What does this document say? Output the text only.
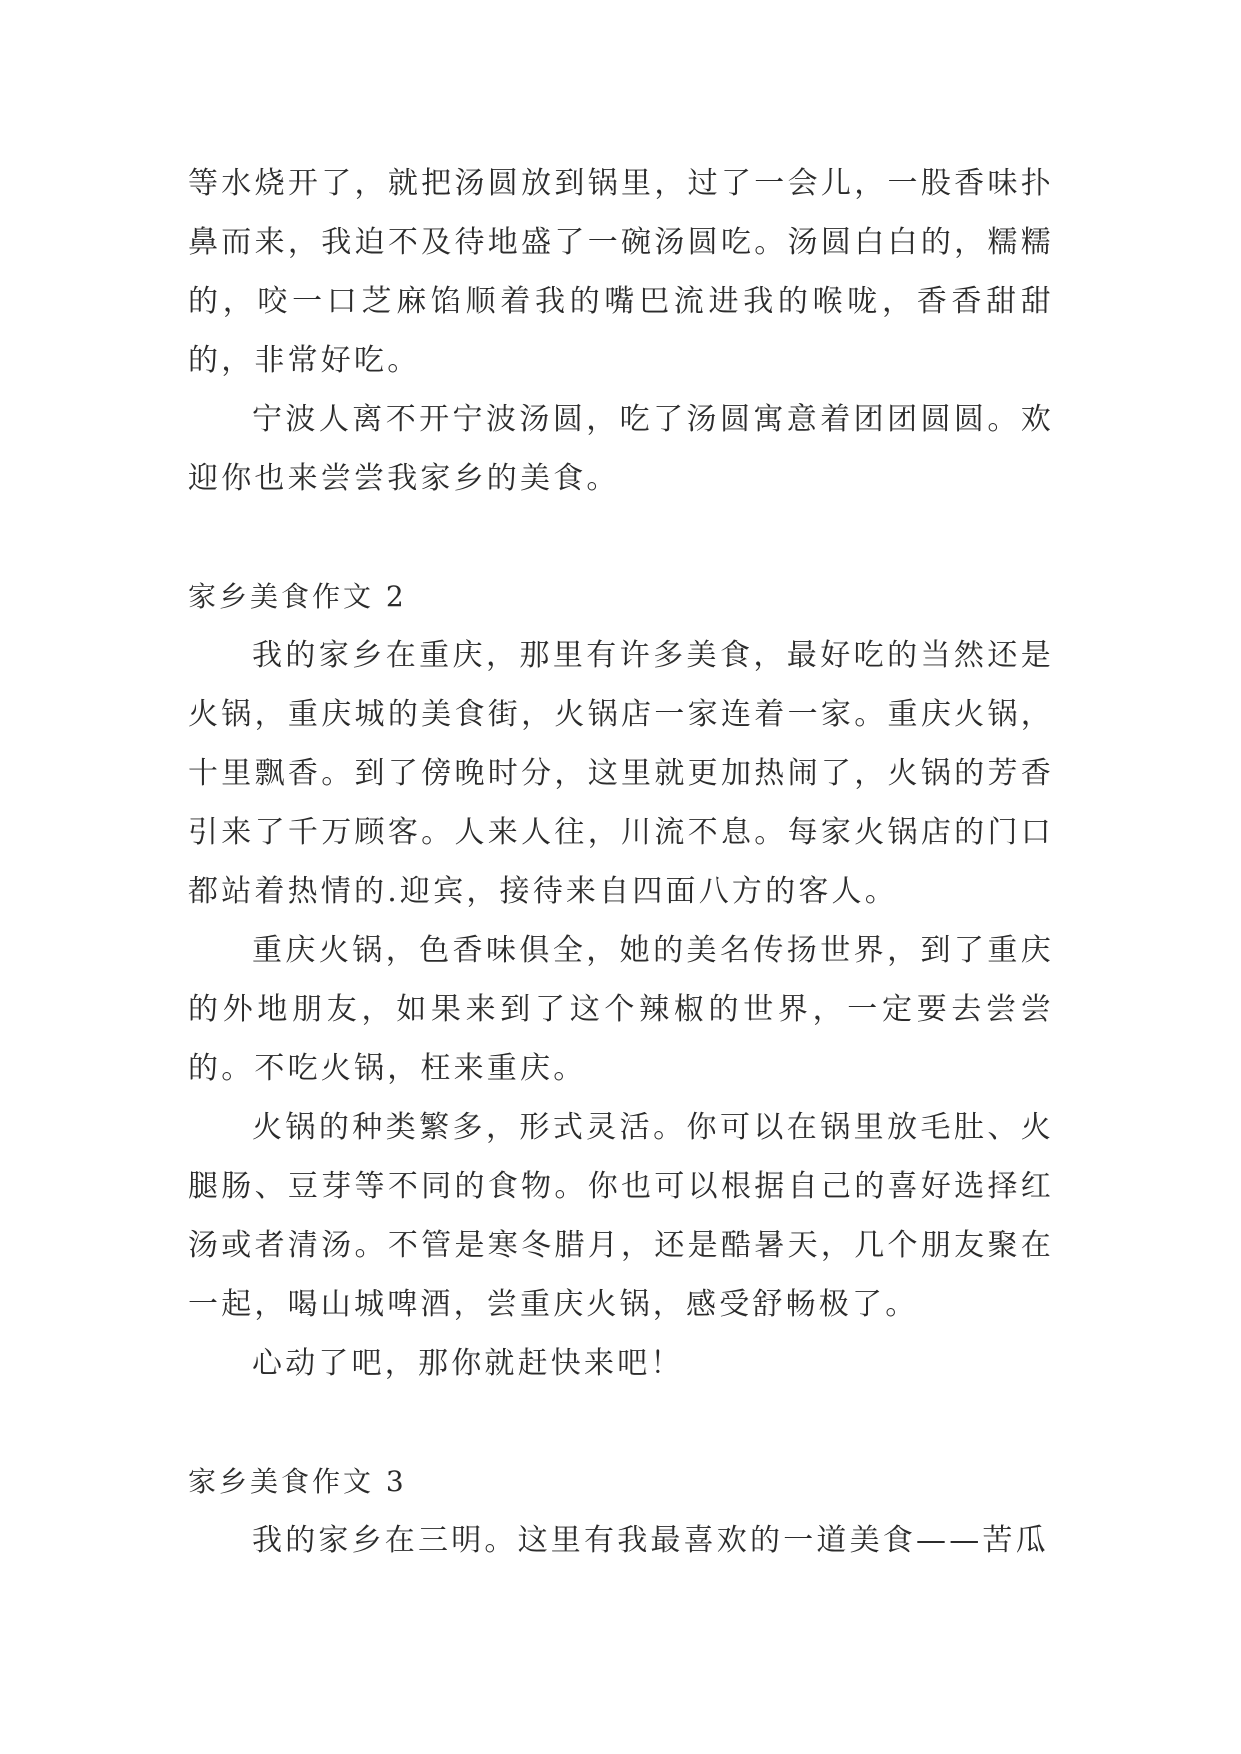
等水烧开了，就把汤圆放到锅里，过了一会儿，一股香味扑鼻而来，我迫不及待地盛了一碗汤圆吃。汤圆白白的，糯糯的，咬一口芝麻馅顺着我的嘴巴流进我的喉咙，香香甜甜的，非常好吃。

宁波人离不开宁波汤圆，吃了汤圆寓意着团团圆圆。欢迎你也来尝尝我家乡的美食。

家乡美食作文 2

我的家乡在重庆，那里有许多美食，最好吃的当然还是火锅，重庆城的美食街，火锅店一家连着一家。重庆火锅，十里飘香。到了傍晚时分，这里就更加热闹了，火锅的芳香引来了千万顾客。人来人往，川流不息。每家火锅店的门口都站着热情的.迎宾，接待来自四面八方的客人。

重庆火锅，色香味俱全，她的美名传扬世界，到了重庆的外地朋友，如果来到了这个辣椒的世界，一定要去尝尝的。不吃火锅，枉来重庆。

火锅的种类繁多，形式灵活。你可以在锅里放毛肚、火腿肠、豆芽等不同的食物。你也可以根据自己的喜好选择红汤或者清汤。不管是寒冬腊月，还是酷暑天，几个朋友聚在一起，喝山城啤酒，尝重庆火锅，感受舒畅极了。

心动了吧，那你就赶快来吧！

家乡美食作文 3

我的家乡在三明。这里有我最喜欢的一道美食——苦瓜
